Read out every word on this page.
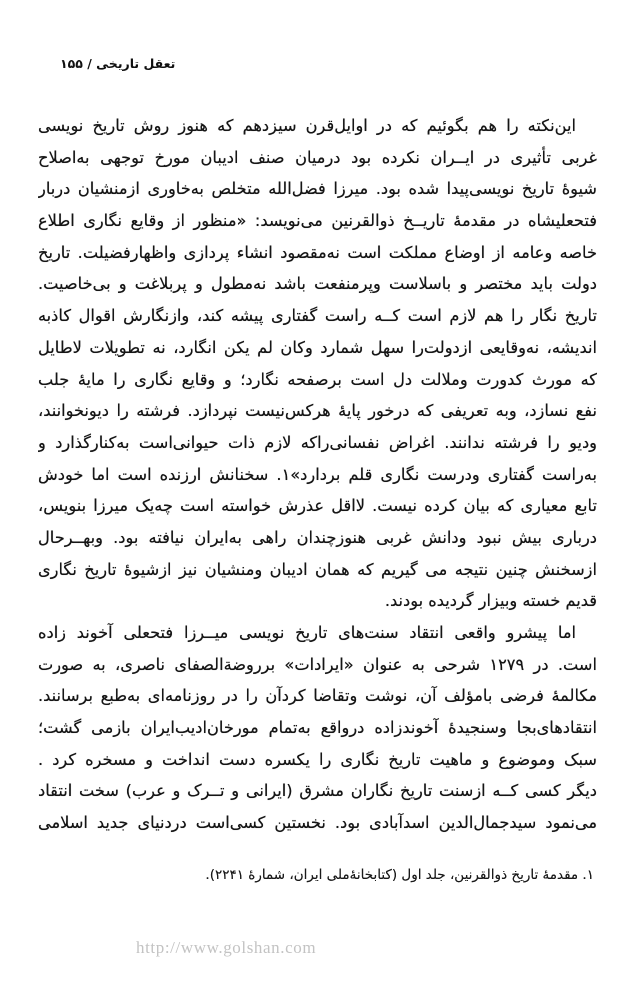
تعقل تاریخی / ۱۵۵
این‌نکته را هم بگوئیم که در اوایل‌قرن سیزدهم که هنوز روش تاریخ نویسی
غربی تأثیری در ایــران نکرده بود درمیان صنف ادیبان مورخ توجهی به‌اصلاح
شیوهٔ تاریخ نویسی‌پیدا شده بود. میرزا فضل‌الله متخلص به‌خاوری ازمنشیان دربار
فتحعلیشاه در مقدمهٔ تاریــخ ذوالقرنین می‌نویسد: «منظور از وقایع نگاری اطلاع
خاصه وعامه از اوضاع مملکت است نه‌مقصود انشاء پردازی واظهارفضیلت. تاریخ
دولت باید مختصر و باسلاست وپرمنفعت باشد نه‌مطول و پربلاغت و بی‌خاصیت.
تاریخ نگار را هم لازم است کــه راست گفتاری پیشه کند، وازنگارش اقوال کاذبه
اندیشه، نه‌وقایعی ازدولت‌را سهل شمارد وکان لم یکن انگارد، نه تطویلات لاطایل
که مورث کدورت وملالت دل است برصفحه نگارد؛ و وقایع نگاری را مایهٔ جلب
نفع نسازد، وبه تعریفی که درخور پایهٔ هرکس‌نیست نپردازد. فرشته را دیونخوانند،
ودیو را فرشته ندانند. اغراض نفسانی‌راکه لازم ذات حیوانی‌است به‌کنارگذارد و
به‌راست گفتاری ودرست نگاری قلم بردارد»۱. سخنانش ارزنده است اما خودش
تابع معیاری که بیان کرده نیست. لااقل عذرش خواسته است چه‌یک میرزا بنویس،
درباری بیش نبود ودانش غربی هنوزچندان راهی به‌ایران نیافته بود. وبهــرحال
ازسخنش چنین نتیجه می گیریم که همان ادیبان ومنشیان نیز ازشیوهٔ تاریخ نگاری
قدیم خسته وبیزار گردیده بودند.
اما پیشرو واقعی انتقاد سنت‌های تاریخ نویسی میــرزا فتحعلی آخوند زاده
است. در ۱۲۷۹ شرحی به عنوان «ایرادات» برروضةالصفای ناصری، به صورت
مکالمهٔ فرضی بامؤلف آن، نوشت وتقاضا کردآن را در روزنامه‌ای به‌طبع برسانند.
انتقادهای‌بجا وسنجیدهٔ آخوندزاده درواقع به‌تمام مورخان‌ادیب‌ایران بازمی گشت؛
سبک وموضوع و ماهیت تاریخ نگاری را یکسره دست انداخت و مسخره کرد .
دیگر کسی کــه ازسنت تاریخ نگاران مشرق (ایرانی و تــرک و عرب) سخت انتقاد
می‌نمود سیدجمال‌الدین اسدآبادی بود. نخستین کسی‌است دردنیای جدید اسلامی
۱. مقدمهٔ تاریخ ذوالقرنین، جلد اول (کتابخانهٔ‌ملی ایران، شمارهٔ ۲۲۴۱).
http://www.golshan.com
